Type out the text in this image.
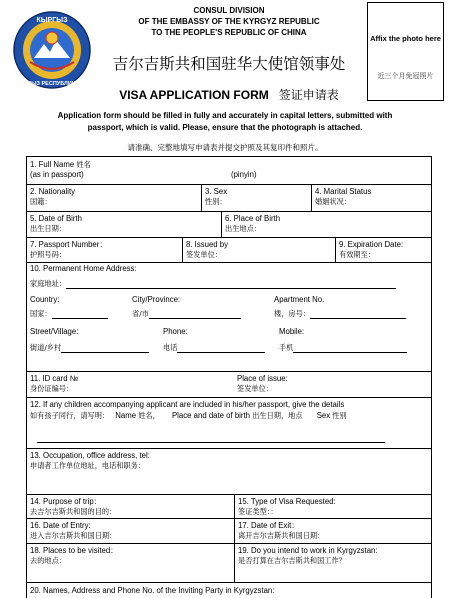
КЫРГЫЗ
КЫРГЫЗ РЕСПУБЛИКАСЫ
CONSUL DIVISION
OF THE EMBASSY OF THE KYRGYZ REPUBLIC
TO THE PEOPLE'S REPUBLIC OF CHINA
吉尔吉斯共和国驻华大使馆领事处
VISA APPLICATION FORM 签证申请表
Affix the photo here
近三个月免冠照片
Application form should be filled in fully and accurately in capital letters, submitted with
passport, which is valid. Please, ensure that the photograph is attached.
请准确、完整地填写申请表并提交护照及其复印件和照片。
1. Full Name 姓名
(as in passport)	(pinyin)
2. Nationality
国籍：
3. Sex
性别：
4. Marital Status
婚姻状况：
5. Date of Birth
出生日期：
6. Place of Birth
出生地点：
7. Passport Number：
护照号码：
8. Issued by
签发单位：
9. Expiration Date:
有效期至：
10. Permanent Home Address:
家庭地址：
Country:	City/Province:	Apartment No.
国家：	省/市	楼，房号：
Street/Village:	Phone:	Mobile:
街道/乡村	电话	手机
11. ID card №
身份证编号：
Place of issue:
签发单位：
12. If any children accompanying applicant are included in his/her passport, give the details
如有孩子同行，请写明： Name 姓名， Place and date of birth 出生日期，地点 Sex 性别
13. Occupation, office address, tel:
申请者工作单位地址，电话和职务：
14. Purpose of trip：
去吉尔吉斯共和国的目的：
15. Type of Visa Requested:
签证类型：：
16. Date of Entry:
进入吉尔吉斯共和国日期：
17. Date of Exit：
离开吉尔吉斯共和国日期：
18. Places to be visited：
去的地点：
19. Do you intend to work in Kyrgyzstan:
是否打算在吉尔吉斯共和国工作？
20. Names, Address and Phone No. of the Inviting Party in Kyrgyzstan:
